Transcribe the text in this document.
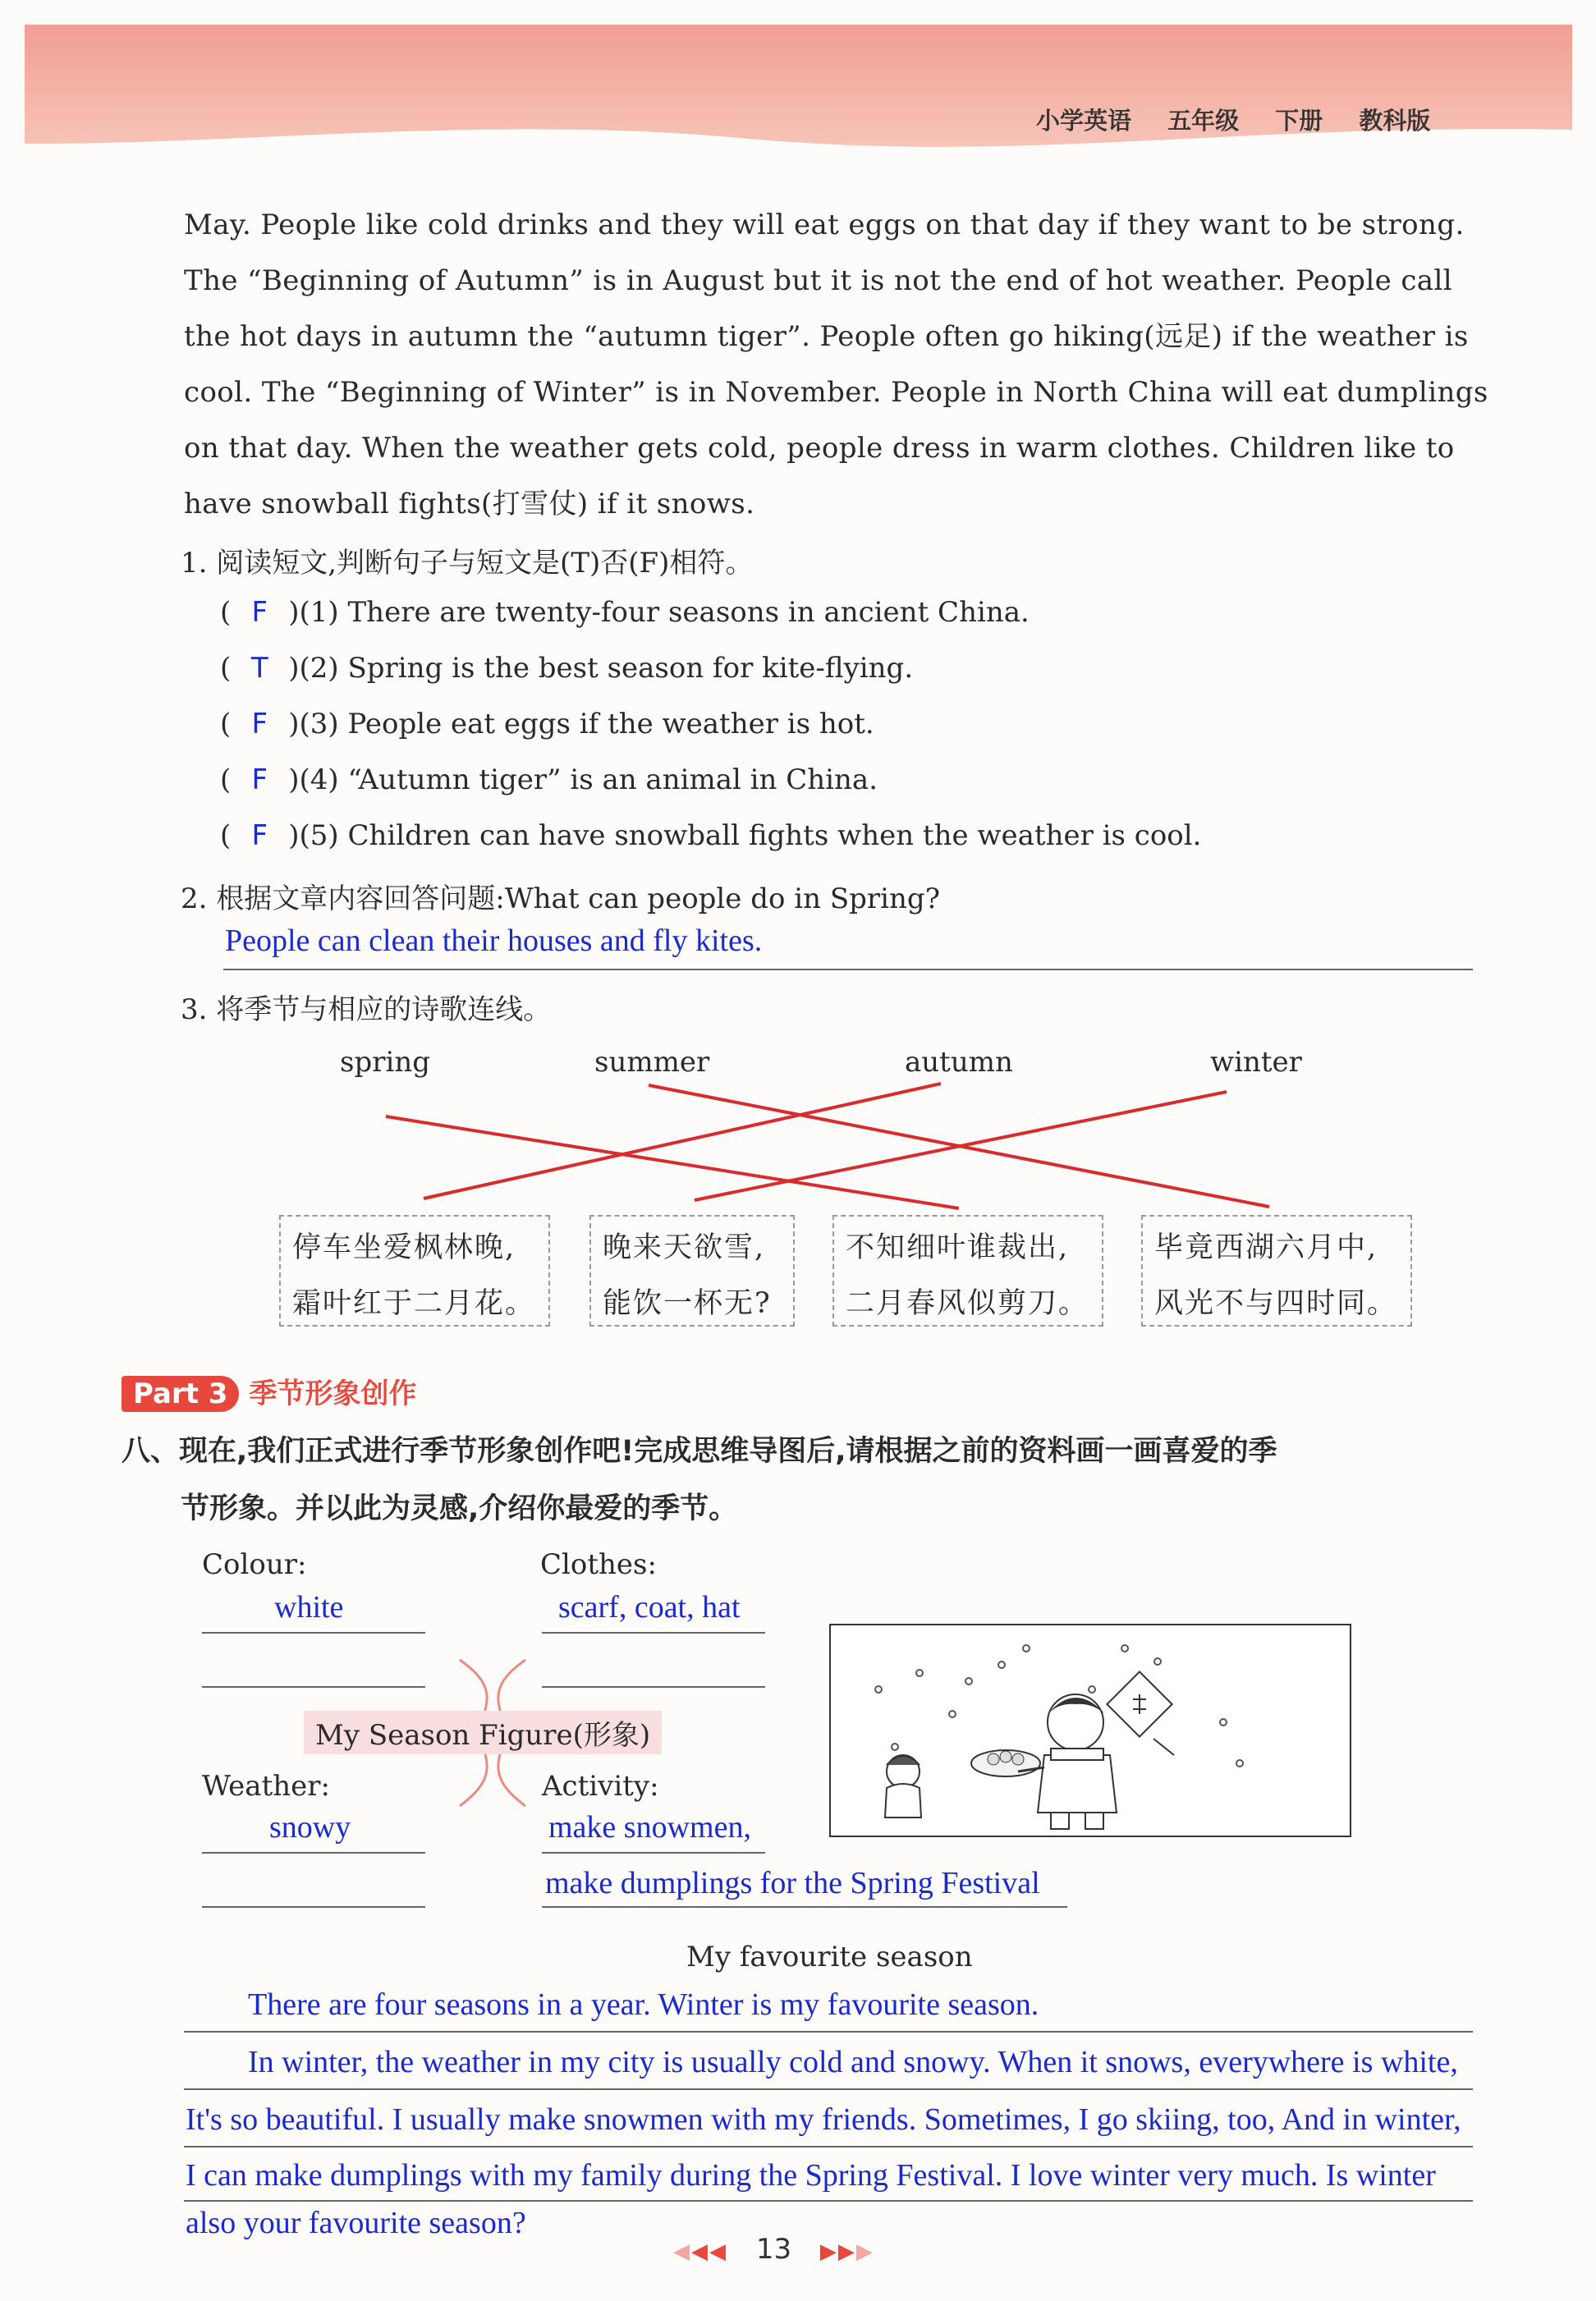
小学英语 五年级 下册 教科版
May. People like cold drinks and they will eat eggs on that day if they want to be strong.
The “Beginning of Autumn” is in August but it is not the end of hot weather. People call
the hot days in autumn the “autumn tiger”. People often go hiking(远足) if the weather is
cool. The “Beginning of Winter” is in November. People in North China will eat dumplings
on that day. When the weather gets cold, people dress in warm clothes. Children like to
have snowball fights(打雪仗) if it snows.
1. 阅读短文,判断句子与短文是(T)否(F)相符。
( F )(1) There are twenty-four seasons in ancient China.
( T )(2) Spring is the best season for kite-flying.
( F )(3) People eat eggs if the weather is hot.
( F )(4) “Autumn tiger” is an animal in China.
( F )(5) Children can have snowball fights when the weather is cool.
2. 根据文章内容回答问题:What can people do in Spring?
People can clean their houses and fly kites.
3. 将季节与相应的诗歌连线。
spring	summer	autumn	winter
停车坐爱枫林晚,
霜叶红于二月花。
晚来天欲雪,
能饮一杯无?
不知细叶谁裁出,
二月春风似剪刀。
毕竟西湖六月中,
风光不与四时同。
Part 3 季节形象创作
八、现在,我们正式进行季节形象创作吧!完成思维导图后,请根据之前的资料画一画喜爱的季
节形象。并以此为灵感,介绍你最爱的季节。
Colour:
white
Clothes:
scarf, coat, hat
My Season Figure(形象)
Weather:
snowy
Activity:
make snowmen,
make dumplings for the Spring Festival
My favourite season
There are four seasons in a year. Winter is my favourite season.
In winter, the weather in my city is usually cold and snowy. When it snows, everywhere is white,
It's so beautiful. I usually make snowmen with my friends. Sometimes, I go skiing, too, And in winter,
I can make dumplings with my family during the Spring Festival. I love winter very much. Is winter
also your favourite season?
◀◀◀ 13 ▶▶▶
